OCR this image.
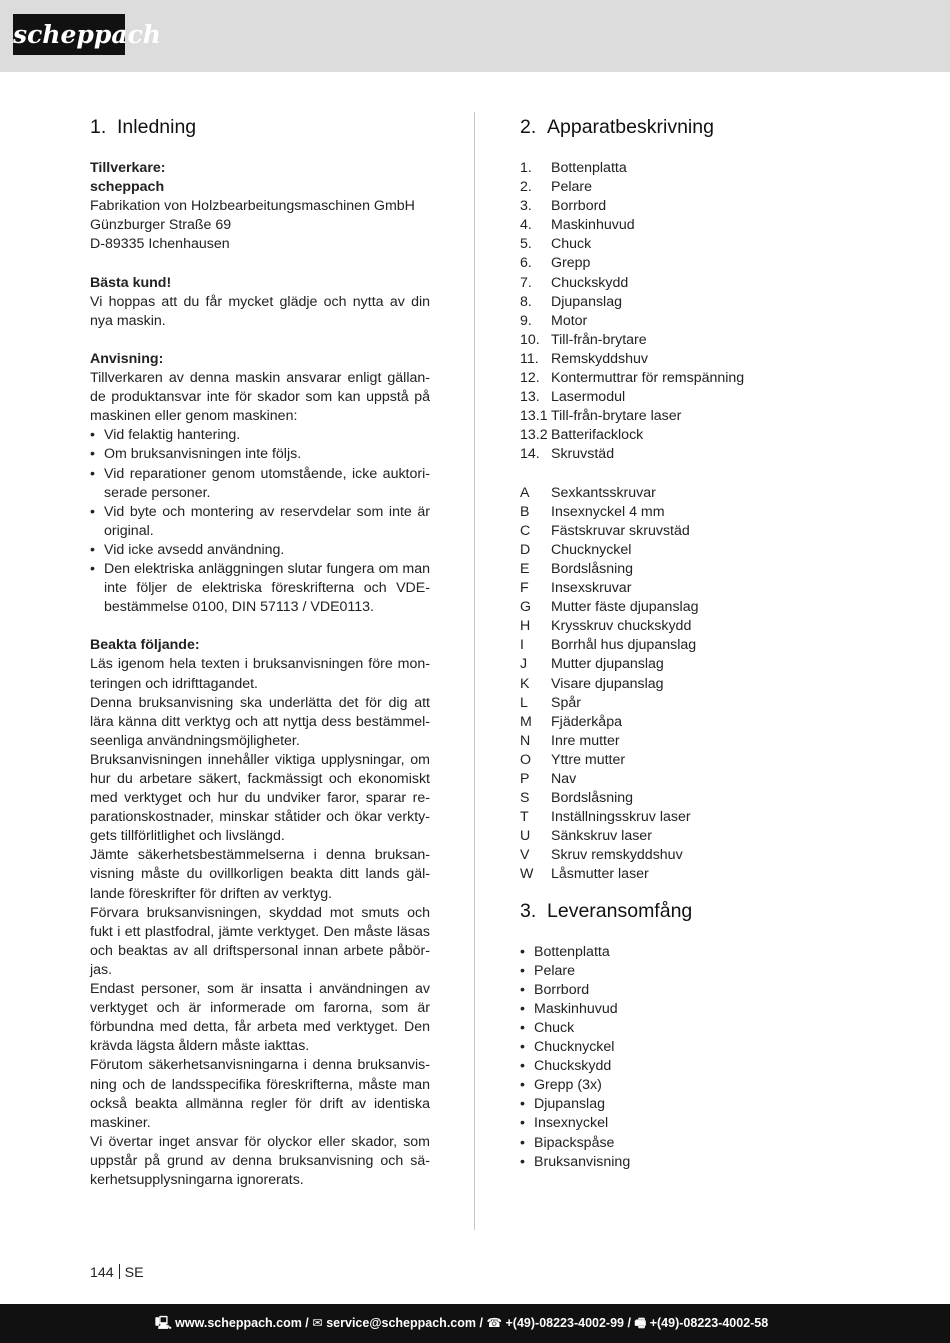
scheppach
1. Inledning
Tillverkare:
scheppach
Fabrikation von Holzbearbeitungsmaschinen GmbH
Günzburger Straße 69
D-89335 Ichenhausen
Bästa kund!

Vi hoppas att du får mycket glädje och nytta av din nya maskin.

Anvisning:

Tillverkaren av denna maskin ansvarar enligt gällan-de produktansvar inte för skador som kan uppstå på maskinen eller genom maskinen:

• Vid felaktig hantering.
• Om bruksanvisningen inte följs.
• Vid reparationer genom utomstående, icke auktori-serade personer.
• Vid byte och montering av reservdelar som inte är original.
• Vid icke avsedd användning.
• Den elektriska anläggningen slutar fungera om man inte följer de elektriska föreskrifterna och VDE-bestämmelse 0100, DIN 57113 / VDE0113.
Beakta följande:

Läs igenom hela texten i bruksanvisningen före mon-teringen och idrifttagandet.

Denna bruksanvisning ska underlätta det för dig att lära känna ditt verktyg och att nyttja dess bestämmel-seenliga användningsmöjligheter.

Bruksanvisningen innehåller viktiga upplysningar, om hur du arbetare säkert, fackmässigt och ekonomiskt med verktyget och hur du undviker faror, sparar re-parationskostnader, minskar ståtider och ökar verkty-gets tillförlitlighet och livslängd.

Jämte säkerhetsbestämmelserna i denna bruksan-visning måste du ovillkorligen beakta ditt lands gäl-lande föreskrifter för driften av verktyg.

Förvara bruksanvisningen, skyddad mot smuts och fukt i ett plastfodral, jämte verktyget. Den måste läsas och beaktas av all driftspersonal innan arbete påbör-jas.

Endast personer, som är insatta i användningen av verktyget och är informerade om farorna, som är förbundna med detta, får arbeta med verktyget. Den krävda lägsta åldern måste iakttas.

Förutom säkerhetsanvisningarna i denna bruksanvis-ning och de landsspecifika föreskrifterna, måste man också beakta allmänna regler för drift av identiska maskiner.

Vi övertar inget ansvar för olyckor eller skador, som uppstår på grund av denna bruksanvisning och sä-kerhetsupplysningarna ignorerats.

2. Apparatbeskrivning
1.	Bottenplatta
2.	Pelare
3.	Borrbord
4.	Maskinhuvud
5.	Chuck
6.	Grepp
7.	Chuckskydd
8.	Djupanslag
9.	Motor
10. Till-från-brytare
11. Remskyddshuv
12. Kontermuttrar för remspänning
13. Lasermodul
13.1 Till-från-brytare laser
13.2 Batterifacklock
14. Skruvstäd
A	Sexkantsskruvar
B	Insexnyckel 4 mm
C	Fästskruvar skruvstäd
D	Chucknyckel
E	Bordslåsning
F	Insexskruvar
G	Mutter fäste djupanslag
H	Krysskruv chuckskydd
I	Borrhål hus djupanslag
J	Mutter djupanslag
K	Visare djupanslag
L	Spår
M	Fjäderkåpa
N	Inre mutter
O	Yttre mutter
P	Nav
S	Bordslåsning
T	Inställningsskruv laser
U	Sänkskruv laser
V	Skruv remskyddshuv
W	Låsmutter laser
3. Leveransomfång
• Bottenplatta
• Pelare
• Borrbord
• Maskinhuvud
• Chuck
• Chucknyckel
• Chuckskydd
• Grepp (3x)
• Djupanslag
• Insexnyckel
• Bipackspåse
• Bruksanvisning
144 SE
🖳 www.scheppach.com / ✉ service@scheppach.com / ☎ +(49)-08223-4002-99 / 🖷 +(49)-08223-4002-58
